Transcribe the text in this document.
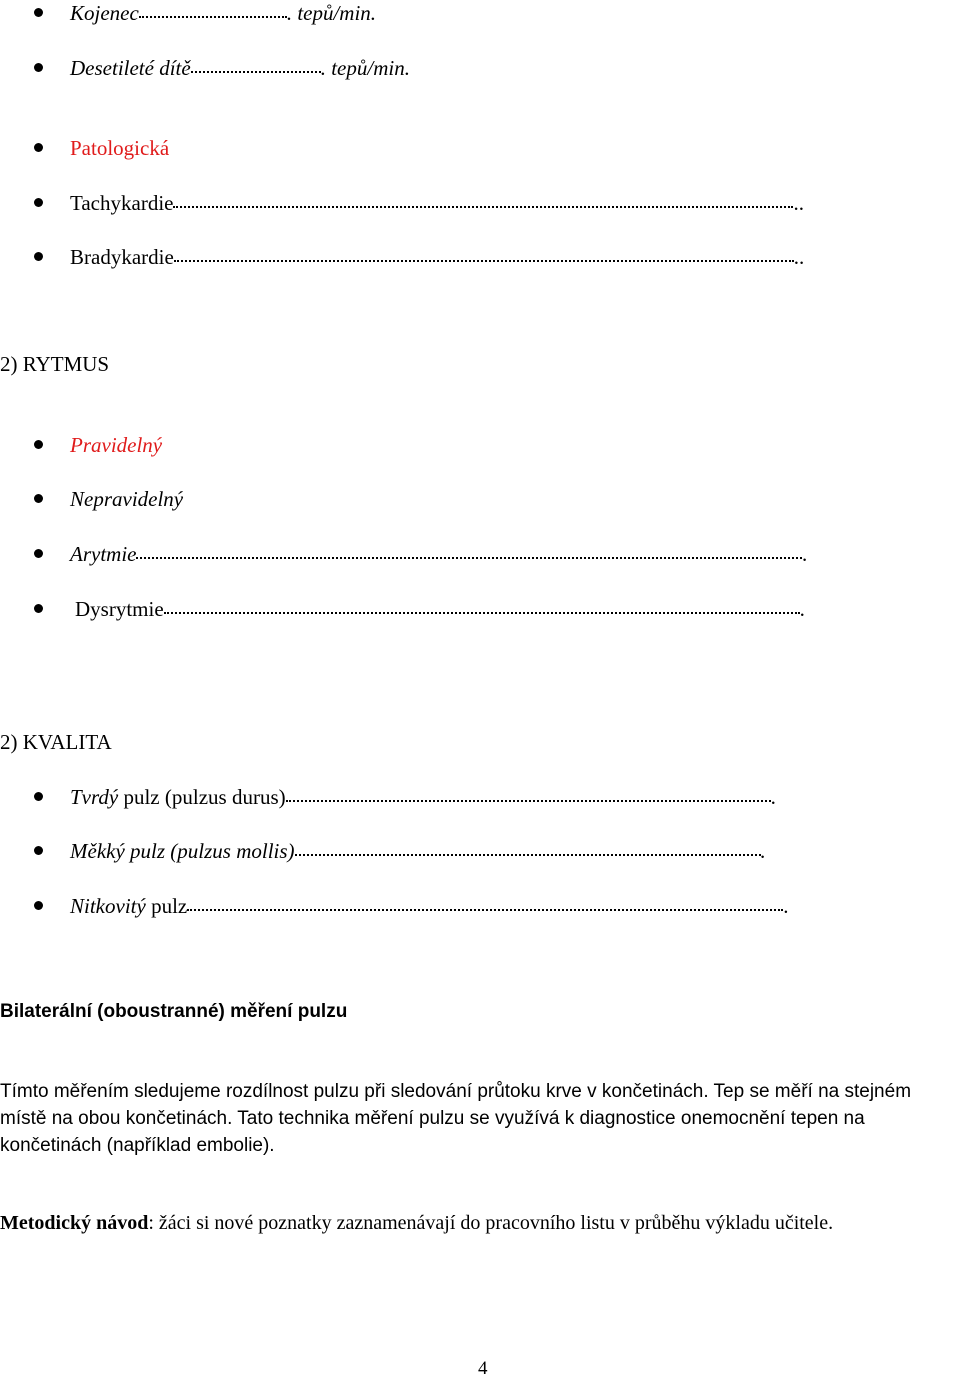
Kojenec	. tepů/min.
Desetileté dítě	. tepů/min.
Patologická
Tachykardie	..
Bradykardie	..
2) RYTMUS
Pravidelný
Nepravidelný
Arytmie	.
Dysrytmie	.
2) KVALITA
Tvrdý pulz (pulzus durus)	.
Měkký pulz (pulzus mollis)	.
Nitkovitý pulz	.
Bilaterální (oboustranné) měření pulzu
Tímto měřením sledujeme rozdílnost pulzu při sledování průtoku krve v končetinách. Tep se měří na stejném místě na obou končetinách. Tato technika měření pulzu se využívá k diagnostice onemocnění tepen na končetinách (například embolie).
Metodický návod: žáci si nové poznatky zaznamenávají do pracovního listu v průběhu výkladu učitele.
4
